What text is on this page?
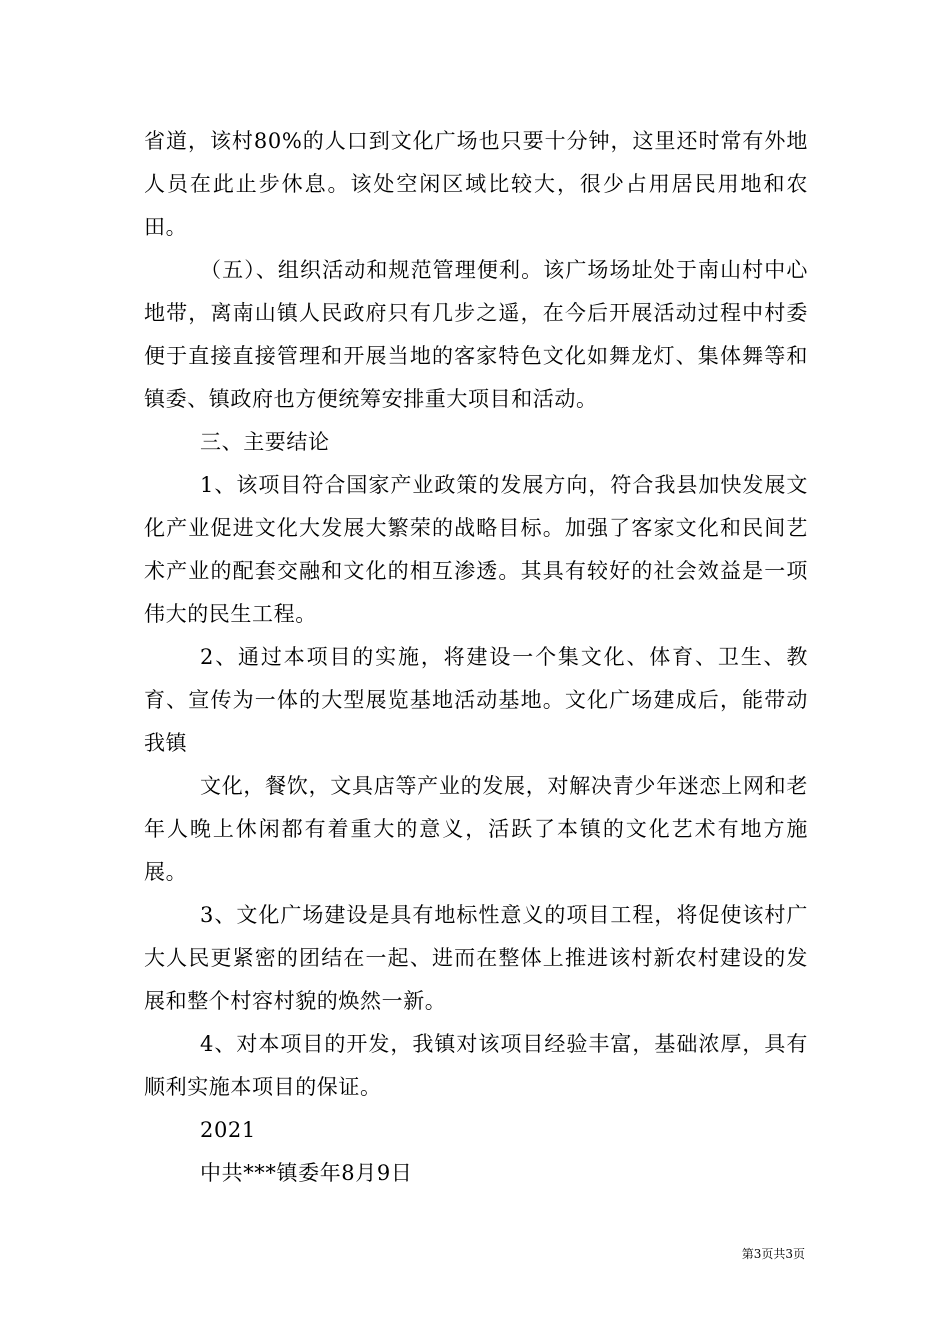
省道，该村80%的人口到文化广场也只要十分钟，这里还时常有外地人员在此止步休息。该处空闲区域比较大，很少占用居民用地和农田。

（五）、组织活动和规范管理便利。该广场场址处于南山村中心地带，离南山镇人民政府只有几步之遥，在今后开展活动过程中村委便于直接直接管理和开展当地的客家特色文化如舞龙灯、集体舞等和镇委、镇政府也方便统筹安排重大项目和活动。

三、主要结论

1、该项目符合国家产业政策的发展方向，符合我县加快发展文化产业促进文化大发展大繁荣的战略目标。加强了客家文化和民间艺术产业的配套交融和文化的相互渗透。其具有较好的社会效益是一项伟大的民生工程。

2、通过本项目的实施，将建设一个集文化、体育、卫生、教育、宣传为一体的大型展览基地活动基地。文化广场建成后，能带动我镇

文化，餐饮，文具店等产业的发展，对解决青少年迷恋上网和老年人晚上休闲都有着重大的意义，活跃了本镇的文化艺术有地方施展。

3、文化广场建设是具有地标性意义的项目工程，将促使该村广大人民更紧密的团结在一起、进而在整体上推进该村新农村建设的发展和整个村容村貌的焕然一新。

4、对本项目的开发，我镇对该项目经验丰富，基础浓厚，具有顺利实施本项目的保证。

2021

中共***镇委年8月9日

第3页共3页
